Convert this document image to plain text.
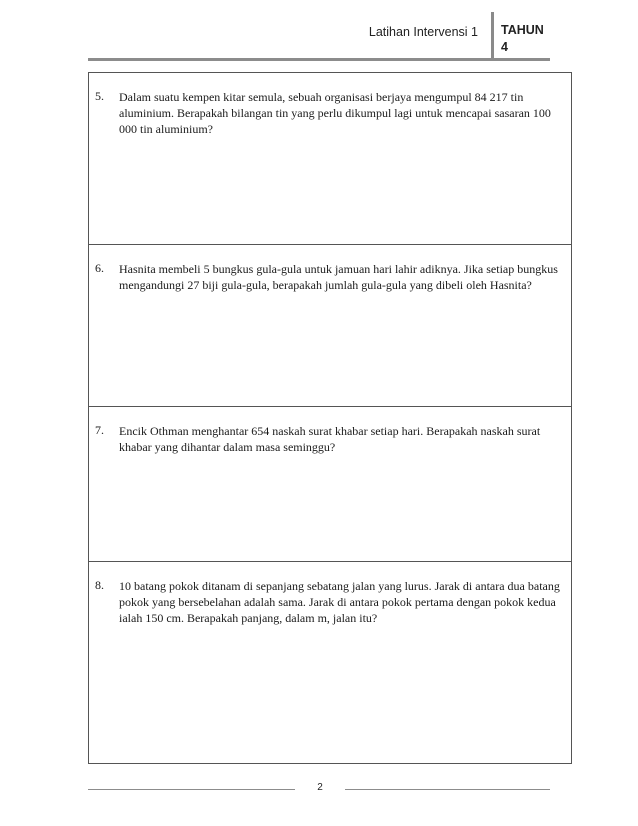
Latihan Intervensi 1 TAHUN
4
5. Dalam suatu kempen kitar semula, sebuah organisasi berjaya mengumpul 84 217 tin aluminium. Berapakah bilangan tin yang perlu dikumpul lagi untuk mencapai sasaran 100 000 tin aluminium?
6. Hasnita membeli 5 bungkus gula-gula untuk jamuan hari lahir adiknya. Jika setiap bungkus mengandungi 27 biji gula-gula, berapakah jumlah gula-gula yang dibeli oleh Hasnita?
7. Encik Othman menghantar 654 naskah surat khabar setiap hari. Berapakah naskah surat khabar yang dihantar dalam masa seminggu?
8. 10 batang pokok ditanam di sepanjang sebatang jalan yang lurus. Jarak di antara dua batang pokok yang bersebelahan adalah sama. Jarak di antara pokok pertama dengan pokok kedua ialah 150 cm. Berapakah panjang, dalam m, jalan itu?
2
